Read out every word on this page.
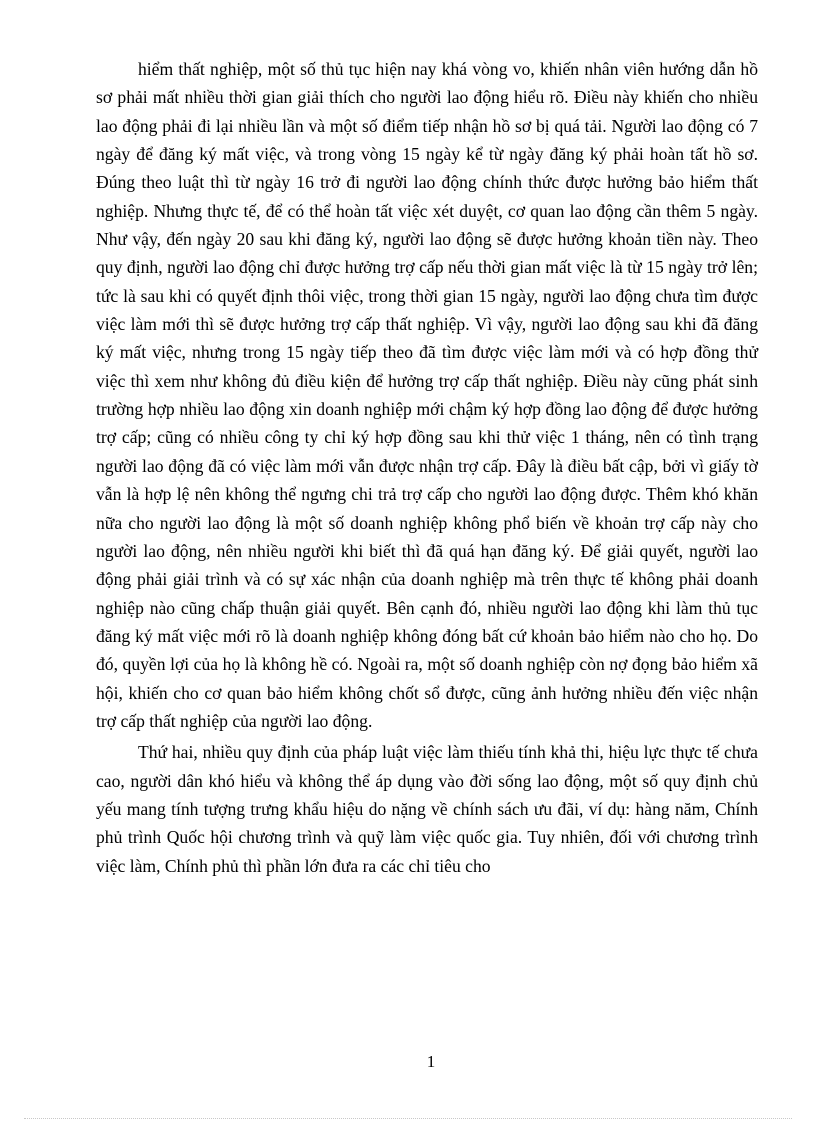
hiểm thất nghiệp, một số thủ tục hiện nay khá vòng vo, khiến nhân viên hướng dẫn hồ sơ phải mất nhiều thời gian giải thích cho người lao động hiểu rõ. Điều này khiến cho nhiều lao động phải đi lại nhiều lần và một số điểm tiếp nhận hồ sơ bị quá tải. Người lao động có 7 ngày để đăng ký mất việc, và trong vòng 15 ngày kể từ ngày đăng ký phải hoàn tất hồ sơ. Đúng theo luật thì từ ngày 16 trở đi người lao động chính thức được hưởng bảo hiểm thất nghiệp. Nhưng thực tế, để có thể hoàn tất việc xét duyệt, cơ quan lao động cần thêm 5 ngày. Như vậy, đến ngày 20 sau khi đăng ký, người lao động sẽ được hưởng khoản tiền này. Theo quy định, người lao động chỉ được hưởng trợ cấp nếu thời gian mất việc là từ 15 ngày trở lên; tức là sau khi có quyết định thôi việc, trong thời gian 15 ngày, người lao động chưa tìm được việc làm mới thì sẽ được hưởng trợ cấp thất nghiệp. Vì vậy, người lao động sau khi đã đăng ký mất việc, nhưng trong 15 ngày tiếp theo đã tìm được việc làm mới và có hợp đồng thử việc thì xem như không đủ điều kiện để hưởng trợ cấp thất nghiệp. Điều này cũng phát sinh trường hợp nhiều lao động xin doanh nghiệp mới chậm ký hợp đồng lao động để được hưởng trợ cấp; cũng có nhiều công ty chỉ ký hợp đồng sau khi thử việc 1 tháng, nên có tình trạng người lao động đã có việc làm mới vẫn được nhận trợ cấp. Đây là điều bất cập, bởi vì giấy tờ vẫn là hợp lệ nên không thể ngưng chi trả trợ cấp cho người lao động được. Thêm khó khăn nữa cho người lao động là một số doanh nghiệp không phổ biến về khoản trợ cấp này cho người lao động, nên nhiều người khi biết thì đã quá hạn đăng ký. Để giải quyết, người lao động phải giải trình và có sự xác nhận của doanh nghiệp mà trên thực tế không phải doanh nghiệp nào cũng chấp thuận giải quyết. Bên cạnh đó, nhiều người lao động khi làm thủ tục đăng ký mất việc mới rõ là doanh nghiệp không đóng bất cứ khoản bảo hiểm nào cho họ. Do đó, quyền lợi của họ là không hề có. Ngoài ra, một số doanh nghiệp còn nợ đọng bảo hiểm xã hội, khiến cho cơ quan bảo hiểm không chốt sổ được, cũng ảnh hưởng nhiều đến việc nhận trợ cấp thất nghiệp của người lao động.

Thứ hai, nhiều quy định của pháp luật việc làm thiếu tính khả thi, hiệu lực thực tế chưa cao, người dân khó hiểu và không thể áp dụng vào đời sống lao động, một số quy định chủ yếu mang tính tượng trưng khẩu hiệu do nặng về chính sách ưu đãi, ví dụ: hàng năm, Chính phủ trình Quốc hội chương trình và quỹ làm việc quốc gia. Tuy nhiên, đối với chương trình việc làm, Chính phủ thì phần lớn đưa ra các chỉ tiêu cho

1
